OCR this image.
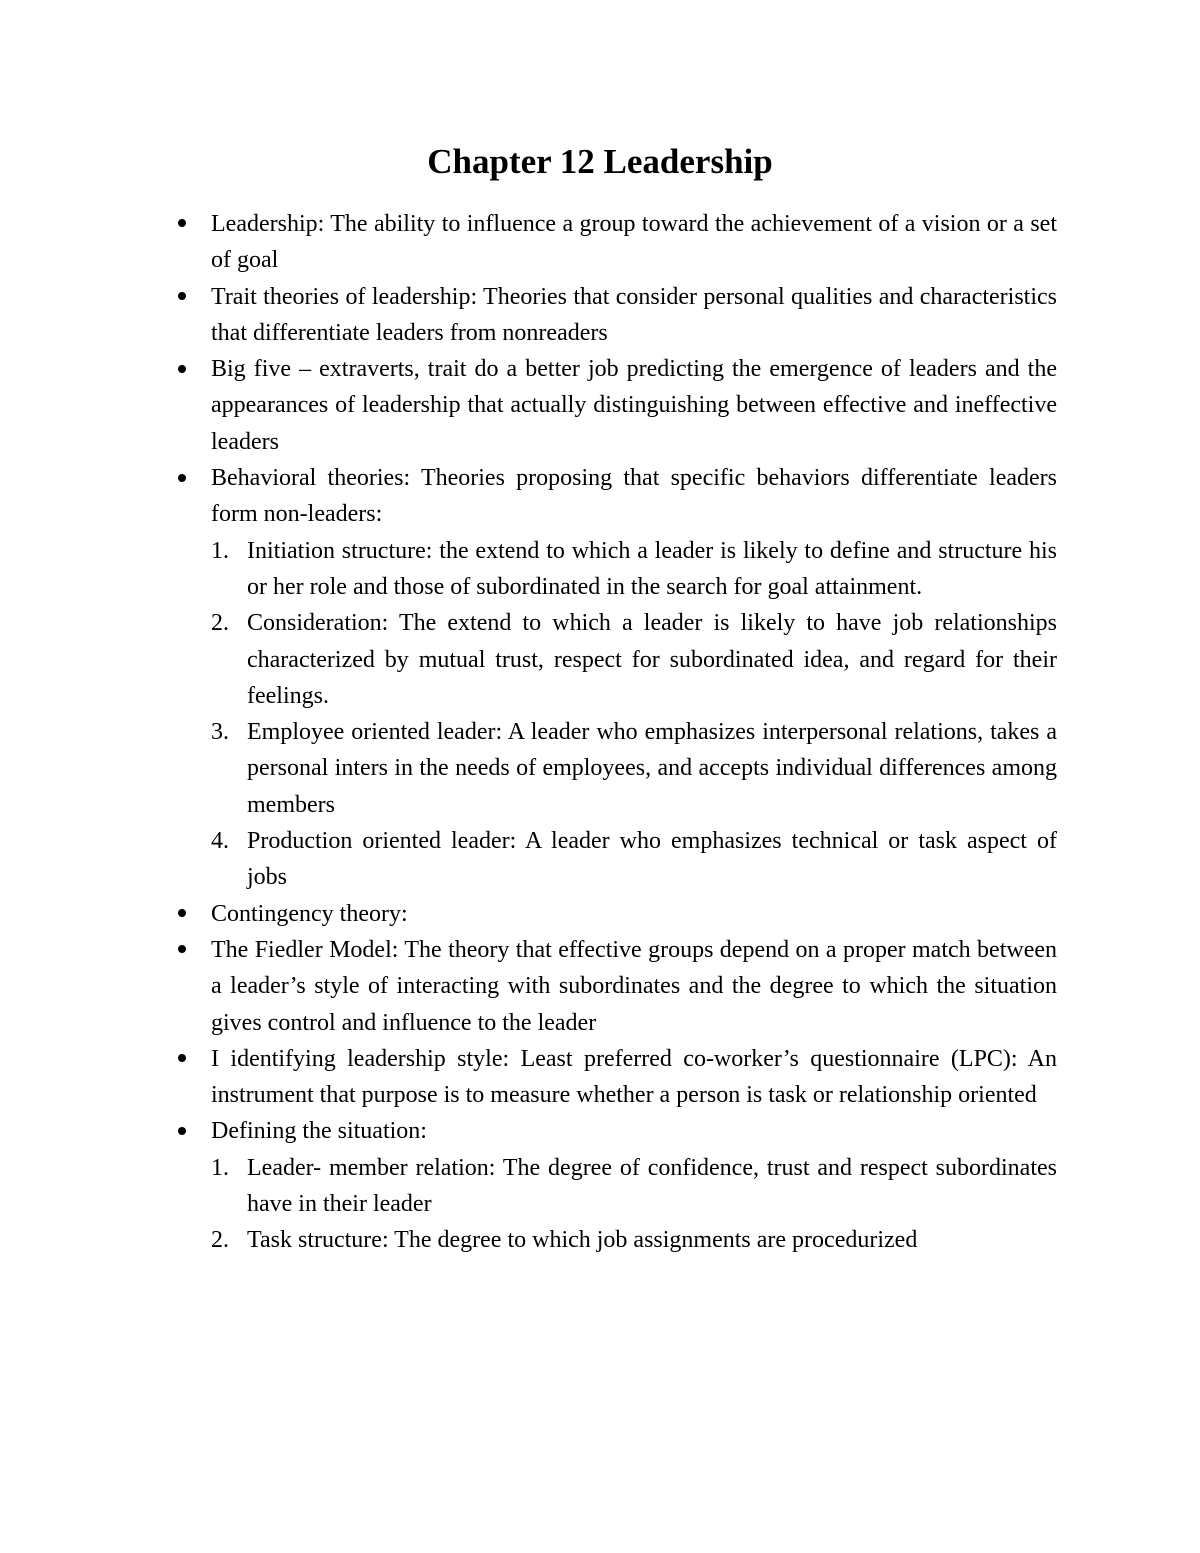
Chapter 12 Leadership
Leadership: The ability to influence a group toward the achievement of a vision or a set of goal
Trait theories of leadership: Theories that consider personal qualities and characteristics that differentiate leaders from nonreaders
Big five – extraverts, trait do a better job predicting the emergence of leaders and the appearances of leadership that actually distinguishing between effective and ineffective leaders
Behavioral theories: Theories proposing that specific behaviors differentiate leaders form non-leaders:
1. Initiation structure: the extend to which a leader is likely to define and structure his or her role and those of subordinated in the search for goal attainment.
2. Consideration: The extend to which a leader is likely to have job relationships characterized by mutual trust, respect for subordinated idea, and regard for their feelings.
3. Employee oriented leader: A leader who emphasizes interpersonal relations, takes a personal inters in the needs of employees, and accepts individual differences among members
4. Production oriented leader: A leader who emphasizes technical or task aspect of jobs
Contingency theory:
The Fiedler Model: The theory that effective groups depend on a proper match between a leader’s style of interacting with subordinates and the degree to which the situation gives control and influence to the leader
I identifying leadership style: Least preferred co-worker’s questionnaire (LPC): An instrument that purpose is to measure whether a person is task or relationship oriented
Defining the situation:
1. Leader- member relation: The degree of confidence, trust and respect subordinates have in their leader
2. Task structure: The degree to which job assignments are procedurized
